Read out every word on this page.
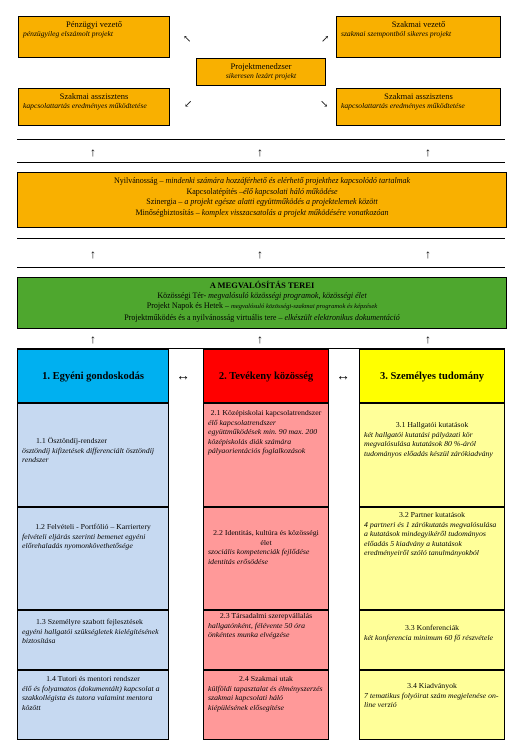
Pénzügyi vezető
pénzügyileg elszámolt projekt
Szakmai vezető
szakmai szempontból sikeres projekt
Projektmenedzser
sikeresen lezárt projekt
Szakmai asszisztens
kapcsolattartás eredményes működtetése
Szakmai asszisztens
kapcsolattartás eredményes működtetése
↖	↗
↙	↘
↑	↑	↑
Nyilvánosság – mindenki számára hozzáférhető és elérhető projekthez kapcsolódó tartalmak
Kapcsolatépítés –élő kapcsolati háló működése
Szinergia – a projekt egésze alatti együttműködés a projektelemek között
Minőségbiztosítás – komplex visszacsatolás a projekt működésére vonatkozóan
↑	↑	↑
A MEGVALÓSÍTÁS TEREI
Közösségi Tér- megvalósuló közösségi programok, közösségi élet
Projekt Napok és Hetek – megvalósuló közösségi-szakmai programok és képzések
Projektműködés és a nyilvánosság virtuális tere – elkészült elektronikus dokumentáció
↑	↑	↑
1. Egyéni gondoskodás	2. Tevékeny közösség	3. Személyes tudomány
↔	↔
1.1 Ösztöndíj-rendszer
ösztöndíj kifizetések differenciált ösztöndíj rendszer
1.2 Felvételi - Portfólió – Karriertery
felvételi eljárás szerinti bemenet egyéni előrehaladás nyomonkövethetősége
1.3 Személyre szabott fejlesztések
egyéni hallgatói szükségletek kielégítésének biztosítása
1.4 Tutori és mentori rendszer
élő és folyamatos (dokumentált) kapcsolat a szakkollégista és tutora valamint mentora között
2.1 Középiskolai kapcsolatrendszer
élő kapcsolatrendszer együttműködések min. 90 max. 200 középiskolás diák számára pályaorientációs foglalkozások
2.2 Identitás, kultúra és közösségi élet
szociális kompetenciák fejlődése identitás erősödése
2.3 Társadalmi szerepvállalás
hallgatónként, félévente 50 óra önkéntes munka elvégzése
2.4 Szakmai utak
külföldi tapasztalat és élményszerzés szakmai kapcsolati háló kiépülésének elősegítése
3.1 Hallgatói kutatások
két hallgatói kutatási pályázati kör megvalósulása kutatások 80 %-áról tudományos előadás készül zárókiadvány
3.2 Partner kutatások
4 partneri és 1 zárókutatás megvalósulása a kutatások mindegyikéről tudományos előadás 5 kiadvány a kutatások eredményeiről szóló tanulmányokból
3.3 Konferenciák
két konferencia minimum 60 fő részvétele
3.4 Kiadványok
7 tematikus folyóirat szám megjelenése on-line verzió
